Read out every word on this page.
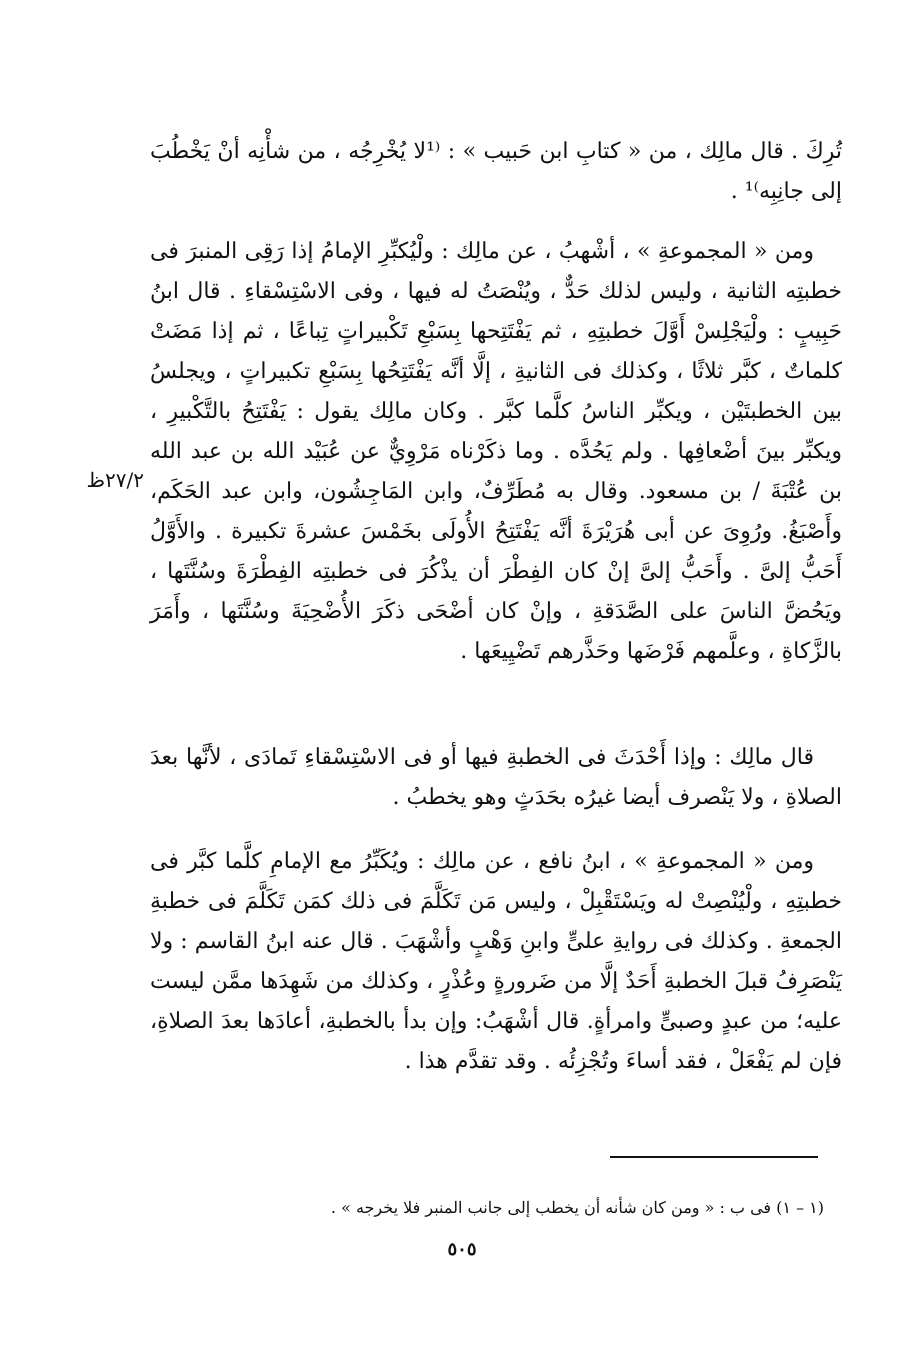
تُرِكَ . قال مالِك ، من « كتابِ ابن حَبيب » : ⁽¹لا يُخْرِجُه ، من شأْنِه أنْ يَخْطُبَ إلى جانِبِه⁾¹ .

ومن « المجموعةِ » ، أشْهبُ ، عن مالِك : ولْيُكبِّرِ الإمامُ إذا رَقِى المنبرَ فى خطبتِه الثانية ، وليس لذلك حَدٌّ ، ويُنْصَتُ له فيها ، وفى الاسْتِسْقاءِ . قال ابنُ حَبِيبٍ : ولْيَجْلِسْ أَوَّلَ خطبتِهِ ، ثم يَفْتَتِحها بِسَبْعِ تَكْبيراتٍ تِباعًا ، ثم إذا مَضَتْ كلماتٌ ، كبَّر ثلاثًا ، وكذلك فى الثانيةِ ، إلَّا أنَّه يَفْتَتِحُها بِسَبْعِ تكبيراتٍ ، ويجلسُ بين الخطبتَيْن ، ويكبِّر الناسُ كلَّما كبَّر . وكان مالِك يقول : يَفْتَتِحُ بالتَّكْبيرِ ، ويكبِّر بينَ أضْعافِها . ولم يَحُدَّه . وما ذكَرْناه مَرْوِيٌّ عن عُبَيْد الله بن عبد الله بن عُتْبَةَ / بن مسعود. وقال به مُطَرِّفٌ، وابن المَاجِشُون، وابن عبد الحَكَم، وأَصْبَغُ. ورُوِىَ عن أبى هُرَيْرَةَ أنَّه يَفْتَتِحُ الأُولَى بخَمْسَ عشرةَ تكبيرة . والأَوَّلُ أَحَبُّ إلىَّ . وأَحَبُّ إلىَّ إنْ كان الفِطْرَ أن يذْكُرَ فى خطبتِه الفِطْرَةَ وسُنَّتَها ، ويَحُضَّ الناسَ على الصَّدَقةِ ، وإنْ كان أضْحَى ذكَرَ الأُضْحِيَةَ وسُنَّتَها ، وأَمَرَ بالزَّكاةِ ، وعلَّمهم فَرْضَها وحَذَّرهم تَضْيِيعَها .

٢٧/٢ظ

قال مالِك : وإذا أَحْدَثَ فى الخطبةِ فيها أو فى الاسْتِسْقاءِ تَمادَى ، لأنَّها بعدَ الصلاةِ ، ولا يَنْصرف أيضا غيرُه بحَدَثٍ وهو يخطبُ .

ومن « المجموعةِ » ، ابنُ نافع ، عن مالِك : ويُكَبِّرُ مع الإمامِ كلَّما كبَّر فى خطبتِهِ ، ولْيُنْصِتْ له ويَسْتَقْبِلْ ، وليس مَن تَكَلَّمَ فى ذلك كمَن تَكَلَّمَ فى خطبةِ الجمعةِ . وكذلك فى روايةِ علىٍّ وابنِ وَهْبٍ وأشْهَبَ . قال عنه ابنُ القاسم : ولا يَنْصَرِفُ قبلَ الخطبةِ أَحَدٌ إلَّا من ضَرورةٍ وعُذْرٍ ، وكذلك من شَهِدَها ممَّن ليست عليه؛ من عبدٍ وصبىٍّ وامرأةٍ. قال أشْهَبُ: وإن بدأ بالخطبةِ، أعادَها بعدَ الصلاةِ، فإن لم يَفْعَلْ ، فقد أساءَ وتُجْزِئُه . وقد تقدَّم هذا .

(١ – ١) فى ب : « ومن كان شأنه أن يخطب إلى جانب المنبر فلا يخرجه » .
٥٠٥
